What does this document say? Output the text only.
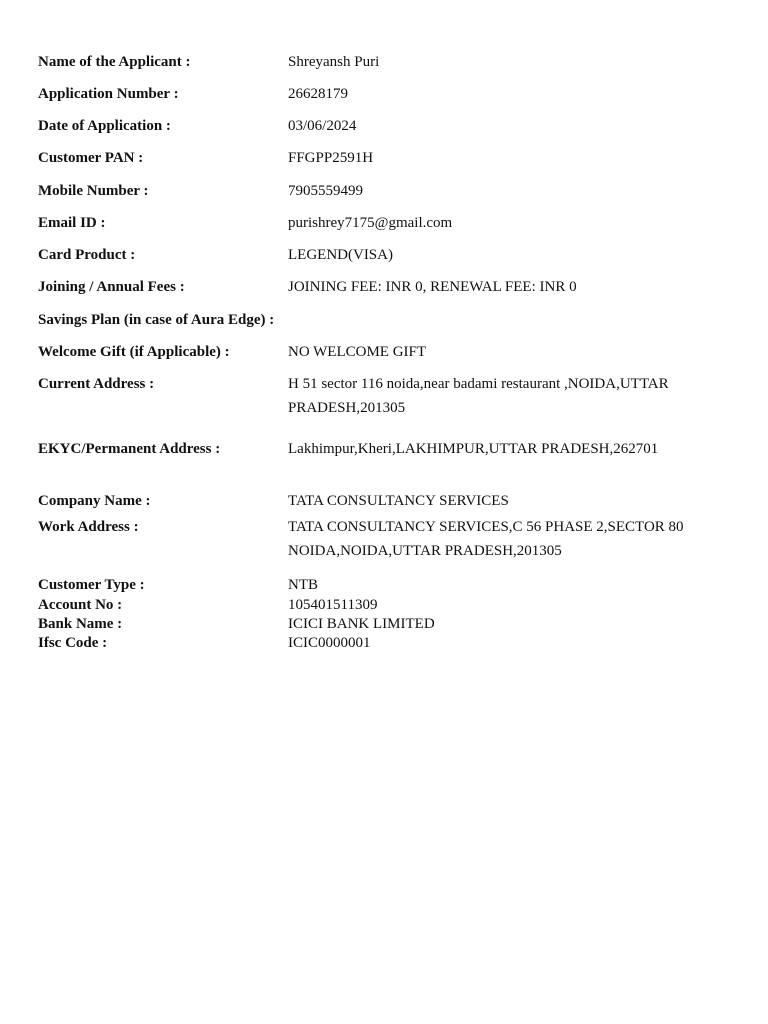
Name of the Applicant :	Shreyansh Puri
Application Number :	26628179
Date of Application :	03/06/2024
Customer PAN :	FFGPP2591H
Mobile Number :	7905559499
Email ID :	purishrey7175@gmail.com
Card Product :	LEGEND(VISA)
Joining / Annual Fees :	JOINING FEE: INR 0, RENEWAL FEE: INR 0
Savings Plan (in case of Aura Edge) :
Welcome Gift (if Applicable) :	NO WELCOME GIFT
Current Address :	H 51 sector 116 noida,near badami restaurant ,NOIDA,UTTAR PRADESH,201305
EKYC/Permanent Address :	Lakhimpur,Kheri,LAKHIMPUR,UTTAR PRADESH,262701
Company Name :	TATA CONSULTANCY SERVICES
Work Address :	TATA CONSULTANCY SERVICES,C 56 PHASE 2,SECTOR 80 NOIDA,NOIDA,UTTAR PRADESH,201305
Customer Type :	NTB
Account No :	105401511309
Bank Name :	ICICI BANK LIMITED
Ifsc Code :	ICIC0000001
